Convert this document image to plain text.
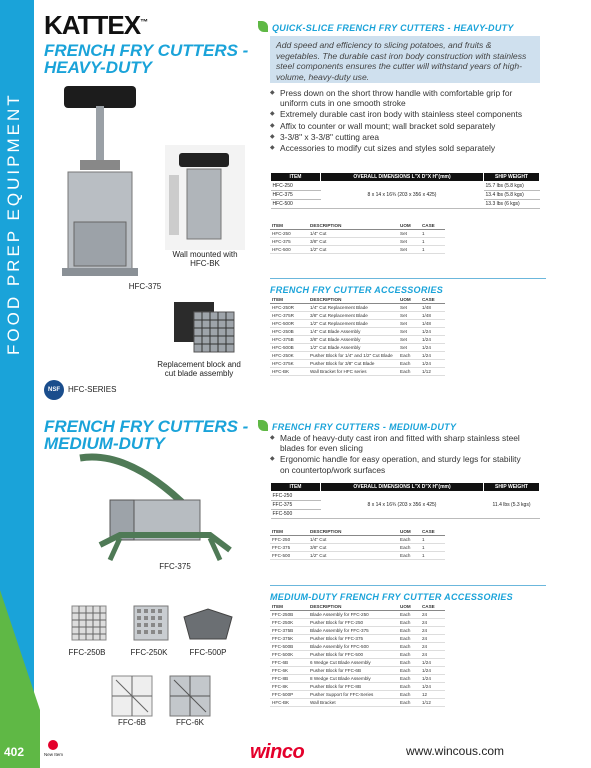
FOOD PREP EQUIPMENT
402
KATTEX™
FRENCH FRY CUTTERS -
HEAVY-DUTY
QUICK-SLICE FRENCH FRY CUTTERS - HEAVY-DUTY
Add speed and efficiency to slicing potatoes, and fruits & vegetables. The durable cast iron body construction with stainless steel components ensures the cutter will withstand years of high-volume, heavy-duty use.
◆ Press down on the short throw handle with comfortable grip for uniform cuts in one smooth stroke
◆ Extremely durable cast iron body with stainless steel components
◆ Affix to counter or wall mount; wall bracket sold separately
◆ 3-3/8" x 3-3/8" cutting area
◆ Accessories to modify cut sizes and styles sold separately
ITEM	OVERALL DIMENSIONS L"X D"X H"(mm)	SHIP WEIGHT
HFC-250	8 x 14 x 16¾ (203 x 356 x 425)	15.7 lbs (5.8 kgs)
HFC-375		13.4 lbs (5.8 kgs)
HFC-500		13.3 lbs (6 kgs)
ITEM	DESCRIPTION	UOM	CASE
HFC-250	1/4" Cut	Set	1
HFC-375	3/8" Cut	Set	1
HFC-500	1/2" Cut	Set	1
FRENCH FRY CUTTER ACCESSORIES
ITEM	DESCRIPTION	UOM	CASE
HFC-250R	1/4" Cut Replacement Blade	Set	1/48
HFC-375R	3/8" Cut Replacement Blade	Set	1/48
HFC-500R	1/2" Cut Replacement Blade	Set	1/48
HFC-250B	1/4" Cut Blade Assembly	Set	1/24
HFC-375B	3/8" Cut Blade Assembly	Set	1/24
HFC-500B	1/2" Cut Blade Assembly	Set	1/24
HFC-250K	Pusher Block for 1/4" and 1/2" Cut Blade	Each	1/24
HFC-375K	Pusher Block for 3/8" Cut Blade	Each	1/24
HFC-BK	Wall Bracket for HFC series	Each	1/12
HFC-375
Wall mounted with HFC-BK
Replacement block and cut blade assembly
NSF	HFC-SERIES
FRENCH FRY CUTTERS -
MEDIUM-DUTY
FRENCH FRY CUTTERS - MEDIUM-DUTY
◆ Made of heavy-duty cast iron and fitted with sharp stainless steel blades for even slicing
◆ Ergonomic handle for easy operation, and sturdy legs for stability on countertop/work surfaces
ITEM	OVERALL DIMENSIONS L"X D"X H"(mm)	SHIP WEIGHT
FFC-250	8 x 14 x 16¾ (203 x 356 x 425)	11.4 lbs (5.3 kgs)
FFC-375		
FFC-500		
ITEM	DESCRIPTION	UOM	CASE
FFC-250	1/4" Cut	Each	1
FFC-375	3/8" Cut	Each	1
FFC-500	1/2" Cut	Each	1
MEDIUM-DUTY FRENCH FRY CUTTER ACCESSORIES
ITEM	DESCRIPTION	UOM	CASE
FFC-250B	Blade Assembly for FFC-250	Each	24
FFC-250K	Pusher Block for FFC-250	Each	24
FFC-375B	Blade Assembly for FFC-375	Each	24
FFC-375K	Pusher Block for FFC-375	Each	24
FFC-500B	Blade Assembly for FFC-500	Each	24
FFC-500K	Pusher Block for FFC-500	Each	24
FFC-6B	6 Wedge Cut Blade Assembly	Each	1/24
FFC-6K	Pusher Block for FFC-6B	Each	1/24
FFC-8B	8 Wedge Cut Blade Assembly	Each	1/24
FFC-8K	Pusher Block for FFC-8B	Each	1/24
FFC-500P	Pusher Support for FFC-Series	Each	12
HFC-BK	Wall Bracket	Each	1/12
FFC-375
FFC-250B	FFC-250K	FFC-500P
FFC-6B	FFC-6K
New Item	winco	www.wincous.com
